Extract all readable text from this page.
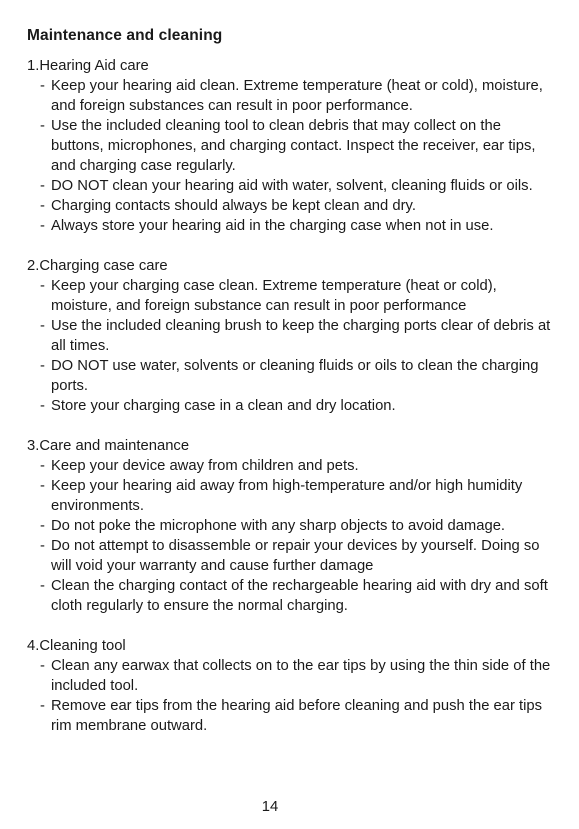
Maintenance and cleaning
1.Hearing Aid care
- Keep your hearing aid clean. Extreme temperature (heat or cold), moisture, and foreign substances can result in poor performance.
- Use the included cleaning tool to clean debris that may collect on the buttons, microphones, and charging contact. Inspect the receiver, ear tips, and charging case regularly.
- DO NOT clean your hearing aid with water, solvent, cleaning fluids or oils.
- Charging contacts should always be kept clean and dry.
- Always store your hearing aid in the charging case when not in use.
2.Charging case care
- Keep your charging case clean. Extreme temperature (heat or cold), moisture, and foreign substance can result in poor performance
- Use the included cleaning brush to keep the charging ports clear of debris at all times.
- DO NOT use water, solvents or cleaning fluids or oils to clean the charging ports.
- Store your charging case in a clean and dry location.
3.Care and maintenance
- Keep your device away from children and pets.
- Keep your hearing aid away from high-temperature and/or high humidity environments.
- Do not poke the microphone with any sharp objects to avoid damage.
- Do not attempt to disassemble or repair your devices by yourself. Doing so will void your warranty and cause further damage
- Clean the charging contact of the rechargeable hearing aid with dry and soft cloth regularly to ensure the normal charging.
4.Cleaning tool
- Clean any earwax that collects on to the ear tips by using the thin side of the included tool.
- Remove ear tips from the hearing aid before cleaning and push the ear tips rim membrane outward.
14
